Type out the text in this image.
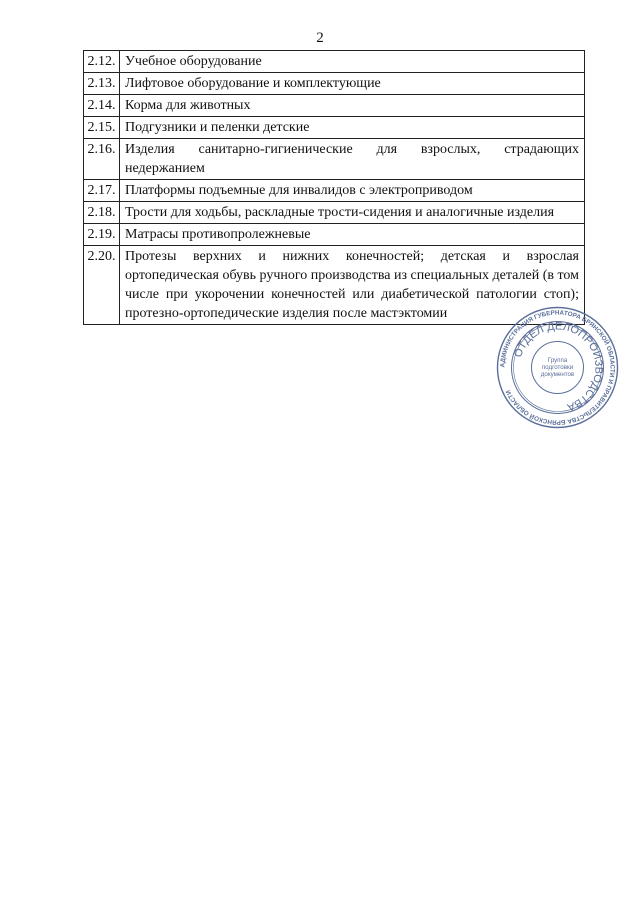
2
2.12.	Учебное оборудование
2.13.	Лифтовое оборудование и комплектующие
2.14.	Корма для животных
2.15.	Подгузники и пеленки детские
2.16.	Изделия санитарно-гигиенические для взрослых, страдающих недержанием
2.17.	Платформы подъемные для инвалидов с электроприводом
2.18.	Трости для ходьбы, раскладные трости-сидения и аналогичные изделия
2.19.	Матрасы противопролежневые
2.20.	Протезы верхних и нижних конечностей; детская и взрослая ортопедическая обувь ручного производства из специальных деталей (в том числе при укорочении конечностей или диабетической патологии стоп); протезно-ортопедические изделия после мастэктомии
АДМИНИСТРАЦИЯ ГУБЕРНАТОРА БРЯНСКОЙ ОБЛАСТИ И ПРАВИТЕЛЬСТВА БРЯНСКОЙ ОБЛАСТИ
ОТДЕЛ ДЕЛОПРОИЗВОДСТВА
Группа подготовки документов
